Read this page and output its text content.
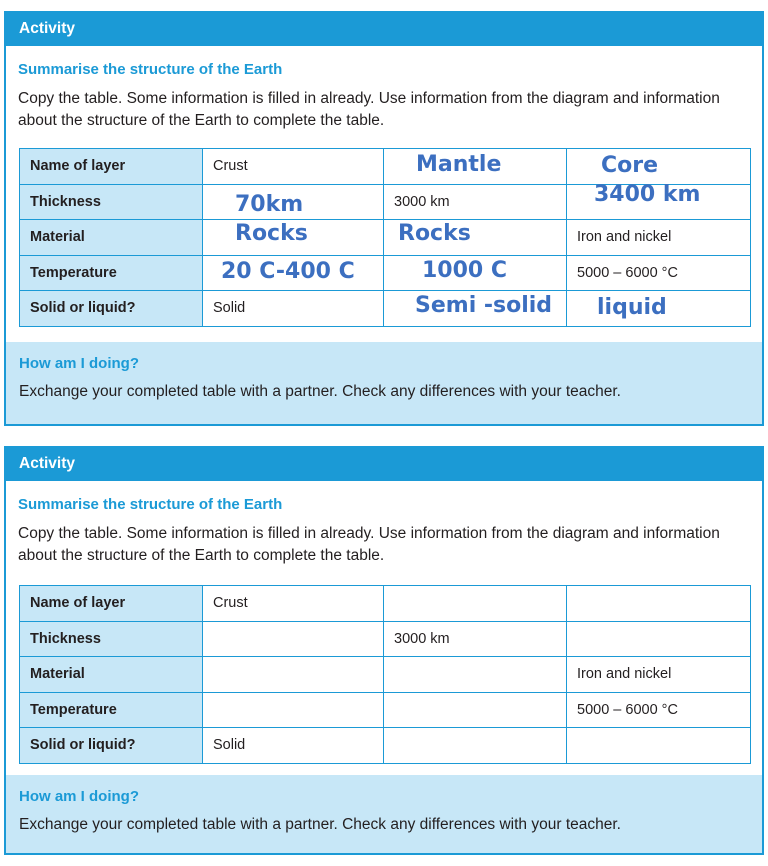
Activity
Summarise the structure of the Earth
Copy the table. Some information is filled in already. Use information from the diagram and information about the structure of the Earth to complete the table.
Name of layer	Crust	Mantle	Core

Thickness	70km	3000 km	3400 km

Material	Rocks	Rocks	Iron and nickel
Temperature	20 C-400 C	1000 C	5000 – 6000 °C
Solid or liquid?	Solid	Semi -solid	liquid
How am I doing?
Exchange your completed table with a partner. Check any differences with your teacher.
Activity
Summarise the structure of the Earth
Copy the table. Some information is filled in already. Use information from the diagram and information about the structure of the Earth to complete the table.
Name of layer	Crust		
Thickness		3000 km	
Material			Iron and nickel
Temperature			5000 – 6000 °C
Solid or liquid?	Solid		
How am I doing?
Exchange your completed table with a partner. Check any differences with your teacher.
